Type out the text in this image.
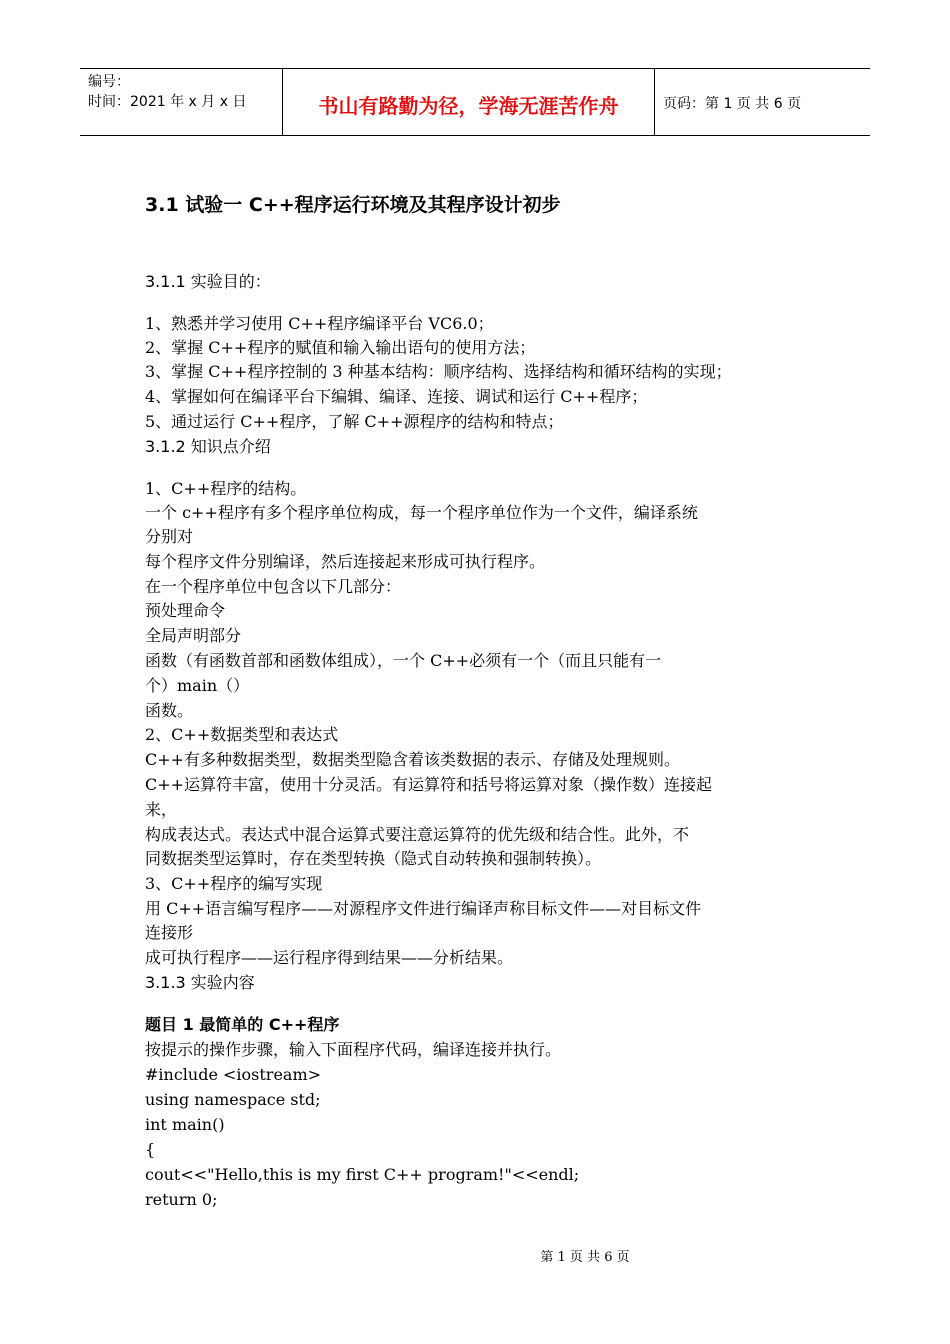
编号：
时间：2021 年 x 月 x 日	书山有路勤为径，学海无涯苦作舟	页码：第 1 页 共 6 页
3.1 试验一 C++程序运行环境及其程序设计初步
3.1.1 实验目的：
1、熟悉并学习使用 C++程序编译平台 VC6.0；
2、掌握 C++程序的赋值和输入输出语句的使用方法；
3、掌握 C++程序控制的 3 种基本结构：顺序结构、选择结构和循环结构的实现；
4、掌握如何在编译平台下编辑、编译、连接、调试和运行 C++程序；
5、通过运行 C++程序，了解 C++源程序的结构和特点；
3.1.2 知识点介绍
1、C++程序的结构。
一个 c++程序有多个程序单位构成，每一个程序单位作为一个文件，编译系统
分别对
每个程序文件分别编译，然后连接起来形成可执行程序。
在一个程序单位中包含以下几部分：
预处理命令
全局声明部分
函数（有函数首部和函数体组成），一个 C++必须有一个（而且只能有一
个）main（）
函数。
2、C++数据类型和表达式
C++有多种数据类型，数据类型隐含着该类数据的表示、存储及处理规则。
C++运算符丰富，使用十分灵活。有运算符和括号将运算对象（操作数）连接起
来，
构成表达式。表达式中混合运算式要注意运算符的优先级和结合性。此外，不
同数据类型运算时，存在类型转换（隐式自动转换和强制转换）。
3、C++程序的编写实现
用 C++语言编写程序——对源程序文件进行编译声称目标文件——对目标文件
连接形
成可执行程序——运行程序得到结果——分析结果。
3.1.3 实验内容
题目 1 最简单的 C++程序
按提示的操作步骤，输入下面程序代码，编译连接并执行。
#include <iostream>
using namespace std;
int main()
{
cout<<"Hello,this is my first C++ program!"<<endl;
return 0;
第 1 页 共 6 页
